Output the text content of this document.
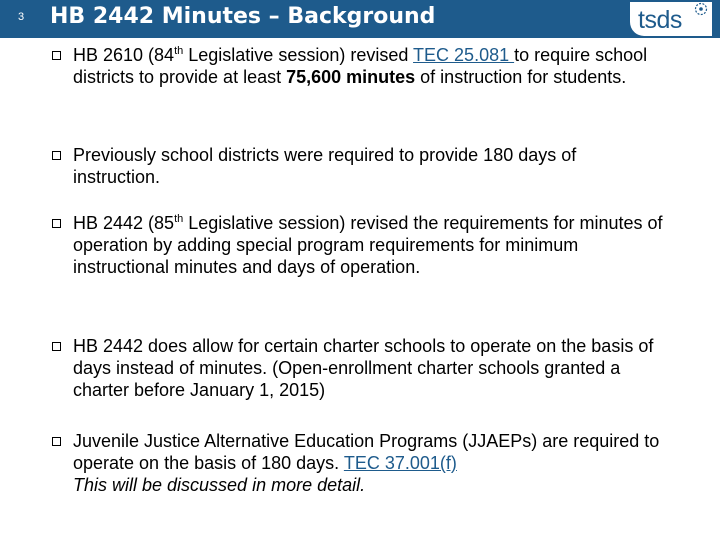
3 HB 2442 Minutes – Background	tsds
HB 2610 (84th Legislative session) revised TEC 25.081 to require school districts to provide at least 75,600 minutes of instruction for students.
Previously school districts were required to provide 180 days of instruction.
HB 2442 (85th Legislative session) revised the requirements for minutes of operation by adding special program requirements for minimum instructional minutes and days of operation.
HB 2442 does allow for certain charter schools to operate on the basis of days instead of minutes. (Open-enrollment charter schools granted a charter before January 1, 2015)
Juvenile Justice Alternative Education Programs (JJAEPs) are required to operate on the basis of 180 days. TEC 37.001(f)
This will be discussed in more detail.
